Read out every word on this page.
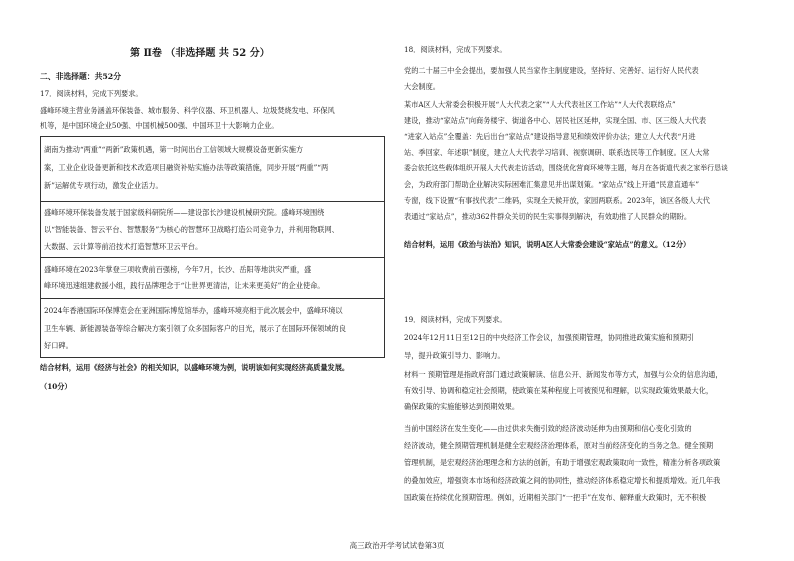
第 Ⅱ卷 （非选择题 共 52 分）
二、非选择题：共52分
17．阅读材料，完成下列要求。
盛峰环境主营业务涵盖环保装备、城市服务、科学仪器、环卫机器人、垃圾焚烧发电、环保风
机等，是中国环境企业50强、中国机械500强、中国环卫十大影响力企业。
湖南为推动“两重”“两新”政策机遇，第一时间出台工信领域大规模设备更新实施方
案，工业企业设备更新和技术改造项目融资补贴实施办法等政策措施，同步开展“两重”“两
新”运解优专项行动，激发企业活力。
盛峰环境环保装备发展于国家级科研院所——建设部长沙建设机械研究院。盛峰环境围绕
以“智能装备、智云平台、智慧服务”为核心的智慧环卫战略打造公司竞争力，并利用物联网、
大数据、云计算等前沿技术打造智慧环卫云平台。
盛峰环境在2023年掌登三项收费前百强榜，今年7月，长沙、岳阳等地洪灾严重，盛
峰环境迅速组建救援小组，践行品牌理念于“让世界更清洁，让未来更美好”的企业使命。
2024年香港国际环保博览会在亚洲国际博览馆举办，盛峰环境亮相于此次展会中，盛峰环境以
卫生车辆、新能源装备等综合解决方案引领了众多国际客户的目光，展示了在国际环保领域的良
好口碑。
结合材料，运用《经济与社会》的相关知识，以盛峰环境为例，说明该如何实现经济高质量发展。
（10分）
18．阅读材料，完成下列要求。
党的二十届三中全会提出，要加强人民当家作主制度建设，坚持好、完善好、运行好人民代表
大会制度。
某市A区人大常委会积极开展“人大代表之家”“人大代表社区工作站”“人大代表联络点”
建设，推动“家站点”向商务楼宇、街道各中心、居民社区延伸，实现全国、市、区三级人大代表
“进家入站点”全覆盖：先后出台“家站点”建设指导意见和绩效评价办法；建立人大代表“月进
站、季回家、年述职”制度，建立人大代表学习培训、视察调研、联系选民等工作制度。区人大常
委会依托这些载体组织开展人大代表走访活动，围绕优化营商环境等主题，每月在各街道代表之家举行恳谈
会，为政府部门帮助企业解决实际困难汇集意见并出谋划策。“家站点”线上开通“民意直通车”
专窗，线下设置“有事找代表”二维码，实现全天候开放，家园两联系。2023年，该区各级人大代
表通过“家站点”，推动362件群众关切的民生实事得到解决，有效助推了人民群众的期盼。
结合材料，运用《政治与法治》知识，说明A区人大常委会建设“家站点”的意义。（12分）
19．阅读材料，完成下列要求。
2024年12月11日至12日的中央经济工作会议，加强预期管理，协同推进政策实施和预期引
导，提升政策引导力、影响力。
材料一 预期管理是指政府部门通过政策解读、信息公开、新闻发布等方式，加强与公众的信息沟通，
有效引导、协调和稳定社会预期，使政策在某种程度上可被预见和理解，以实现政策效果最大化，
确保政策的实施能够达到预期效果。
当前中国经济在发生变化——由过供求失衡引致的经济波动延伸为由预期和信心变化引致的
经济波动，健全预期管理机制是健全宏观经济治理体系，原对当前经济变化的当务之急。健全预期
管理机制，是宏观经济治理理念和方法的创新，有助于增强宏观政策取向一致性，精准分析各项政策
的叠加效应，增强资本市场和经济政策之间的协同性，推动经济体系稳定增长和提质增效。近几年我
国政策在持续优化预期管理。例如，近期相关部门“一把手”在发布、解释重大政策时，无不积极
高三政治开学考试试卷第3页
